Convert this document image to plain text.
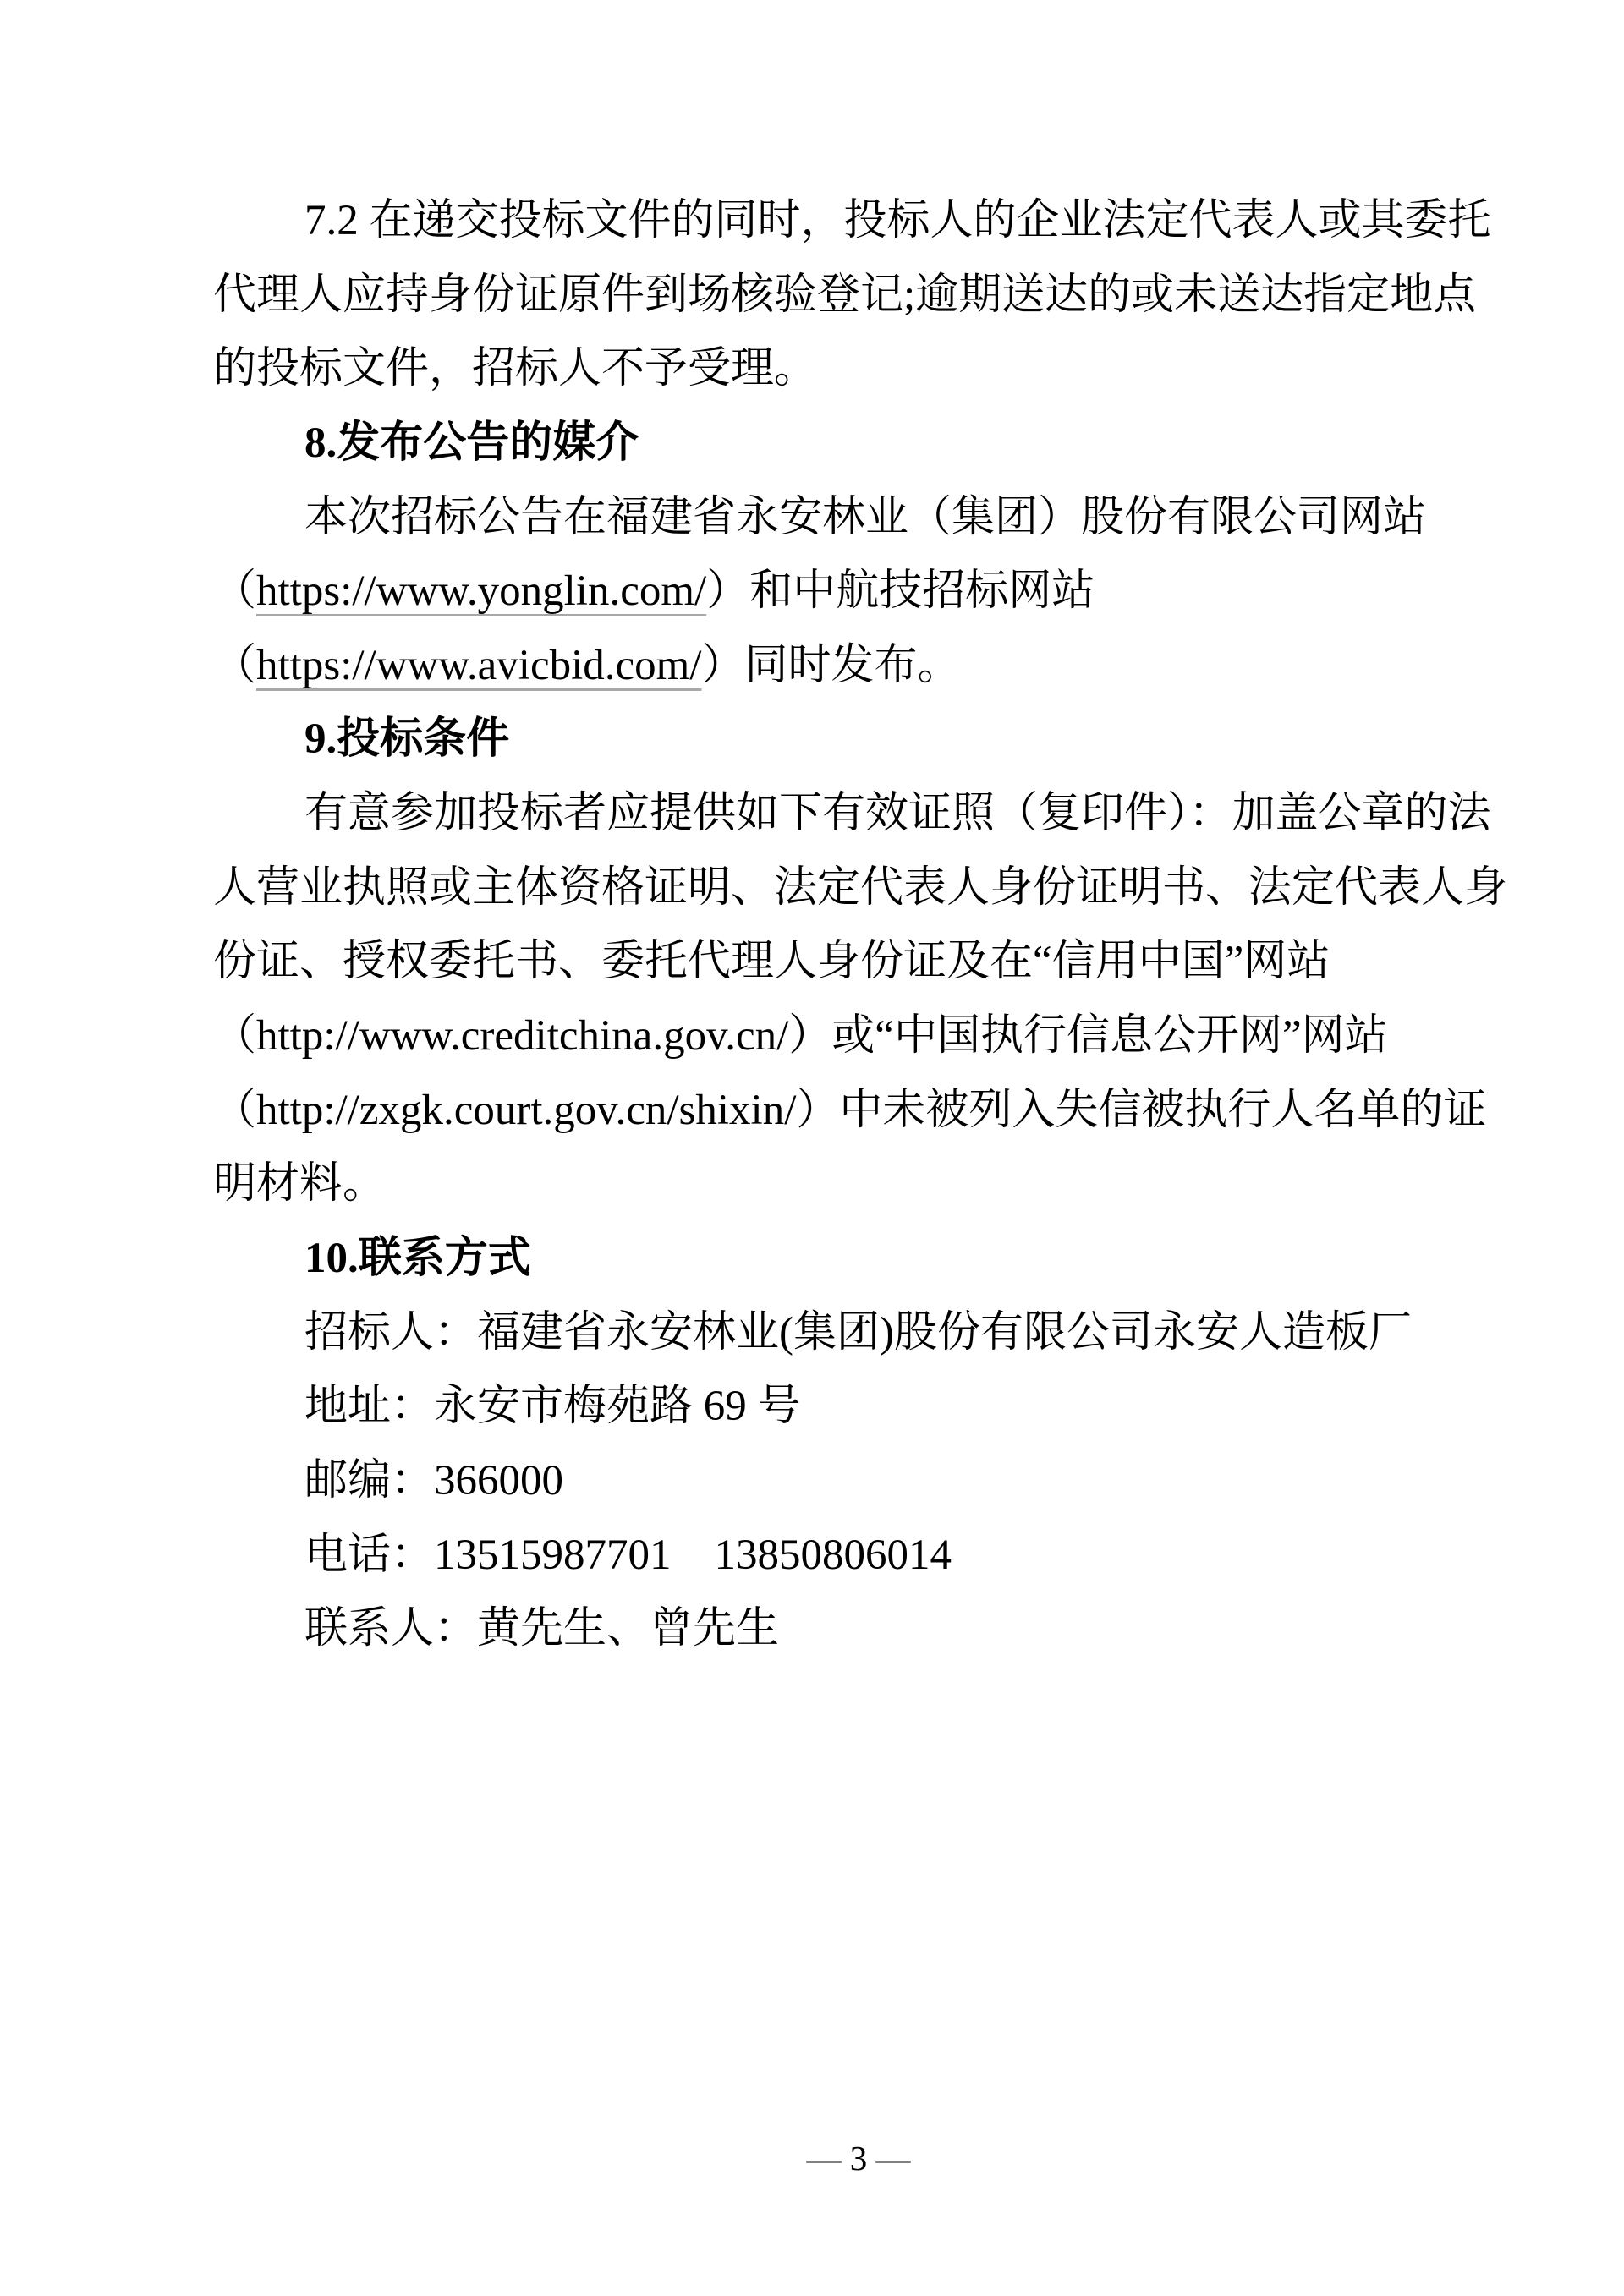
7.2 在递交投标文件的同时，投标人的企业法定代表人或其委托
代理人应持身份证原件到场核验登记;逾期送达的或未送达指定地点
的投标文件，招标人不予受理。
8.发布公告的媒介
本次招标公告在福建省永安林业（集团）股份有限公司网站
（https://www.yonglin.com/）和中航技招标网站
（https://www.avicbid.com/）同时发布。
9.投标条件
有意参加投标者应提供如下有效证照（复印件）：加盖公章的法
人营业执照或主体资格证明、法定代表人身份证明书、法定代表人身
份证、授权委托书、委托代理人身份证及在“信用中国”网站
（http://www.creditchina.gov.cn/）或“中国执行信息公开网”网站
（http://zxgk.court.gov.cn/shixin/）中未被列入失信被执行人名单的证
明材料。
10.联系方式
招标人：福建省永安林业(集团)股份有限公司永安人造板厂
地址：永安市梅苑路 69 号
邮编：366000
电话：13515987701　13850806014
联系人：黄先生、曾先生
— 3 —
